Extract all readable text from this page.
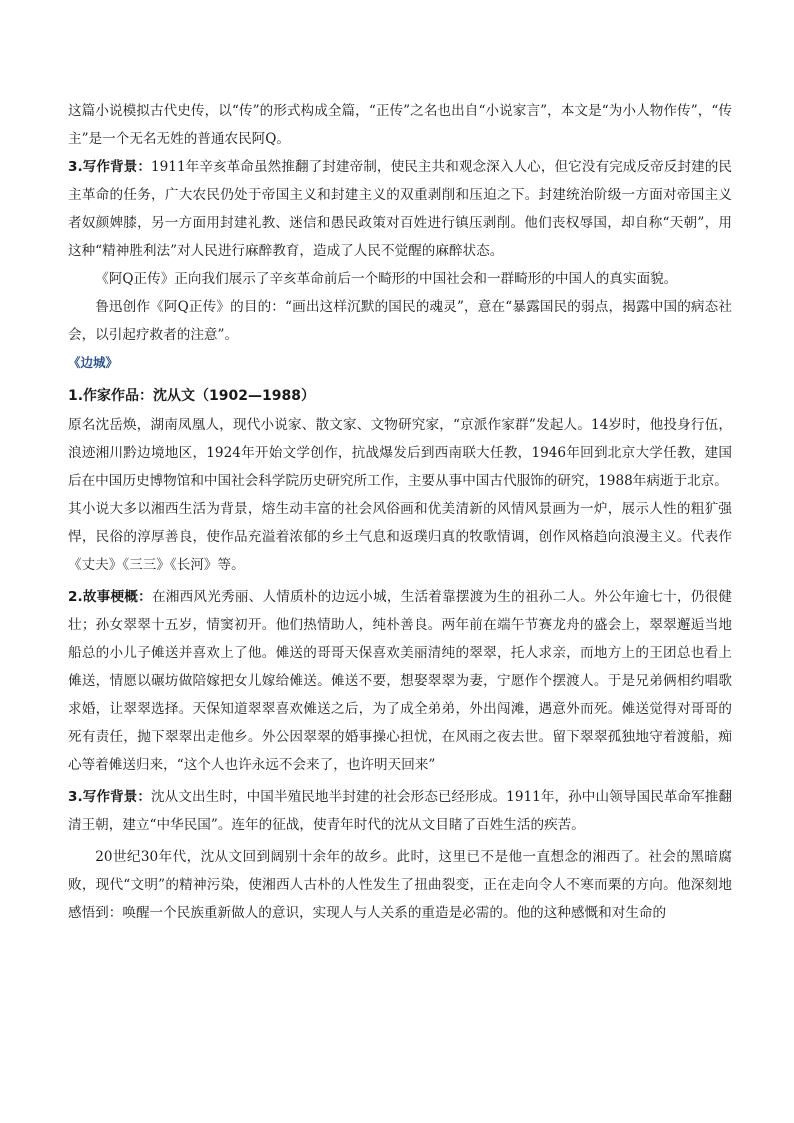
这篇小说模拟古代史传，以“传”的形式构成全篇，“正传”之名也出自“小说家言”，本文是“为小人物作传”，“传主”是一个无名无姓的普通农民阿Q。

3.写作背景：1911年辛亥革命虽然推翻了封建帝制，使民主共和观念深入人心，但它没有完成反帝反封建的民主革命的任务，广大农民仍处于帝国主义和封建主义的双重剥削和压迫之下。封建统治阶级一方面对帝国主义者奴颜婢膝，另一方面用封建礼教、迷信和愚民政策对百姓进行镇压剥削。他们丧权辱国，却自称“天朝”，用这种“精神胜利法”对人民进行麻醉教育，造成了人民不觉醒的麻醉状态。

《阿Q正传》正向我们展示了辛亥革命前后一个畸形的中国社会和一群畸形的中国人的真实面貌。

鲁迅创作《阿Q正传》的目的：“画出这样沉默的国民的魂灵”，意在“暴露国民的弱点，揭露中国的病态社会，以引起疗救者的注意”。

《边城》
1.作家作品：沈从文（1902—1988）

原名沈岳焕，湖南凤凰人，现代小说家、散文家、文物研究家，“京派作家群”发起人。14岁时，他投身行伍，浪迹湘川黔边境地区，1924年开始文学创作，抗战爆发后到西南联大任教，1946年回到北京大学任教，建国后在中国历史博物馆和中国社会科学院历史研究所工作，主要从事中国古代服饰的研究，1988年病逝于北京。

其小说大多以湘西生活为背景，熔生动丰富的社会风俗画和优美清新的风情风景画为一炉，展示人性的粗犷强悍，民俗的淳厚善良，使作品充溢着浓郁的乡土气息和返璞归真的牧歌情调，创作风格趋向浪漫主义。代表作《丈夫》《三三》《长河》等。

2.故事梗概：在湘西风光秀丽、人情质朴的边远小城，生活着靠摆渡为生的祖孙二人。外公年逾七十，仍很健壮；孙女翠翠十五岁，情窦初开。他们热情助人，纯朴善良。两年前在端午节赛龙舟的盛会上，翠翠邂逅当地船总的小儿子傩送并喜欢上了他。傩送的哥哥天保喜欢美丽清纯的翠翠，托人求亲，而地方上的王团总也看上傩送，情愿以碾坊做陪嫁把女儿嫁给傩送。傩送不要，想娶翠翠为妻，宁愿作个摆渡人。于是兄弟俩相约唱歌求婚，让翠翠选择。天保知道翠翠喜欢傩送之后，为了成全弟弟，外出闯滩，遇意外而死。傩送觉得对哥哥的死有责任，抛下翠翠出走他乡。外公因翠翠的婚事操心担忧，在风雨之夜去世。留下翠翠孤独地守着渡船，痴心等着傩送归来，“这个人也许永远不会来了，也许明天回来”

3.写作背景：沈从文出生时，中国半殖民地半封建的社会形态已经形成。1911年，孙中山领导国民革命军推翻清王朝，建立“中华民国”。连年的征战，使青年时代的沈从文目睹了百姓生活的疾苦。

20世纪30年代，沈从文回到阔别十余年的故乡。此时，这里已不是他一直想念的湘西了。社会的黑暗腐败，现代“文明”的精神污染，使湘西人古朴的人性发生了扭曲裂变，正在走向令人不寒而栗的方向。他深刻地感悟到：唤醒一个民族重新做人的意识，实现人与人关系的重造是必需的。他的这种感慨和对生命的
